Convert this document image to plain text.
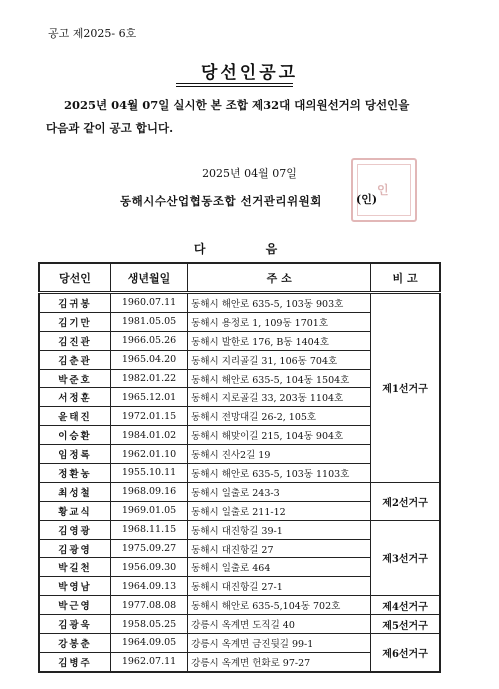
공고 제2025- 6호
당선인공고
2025년 04월 07일 실시한 본 조합 제32대 대의원선거의 당선인을
다음과 같이 공고 합니다.
2025년 04월 07일
인
동해시수산업협동조합 선거관리위원회	(인)
다 음
당선인	생년월일	주 소	비 고
김귀봉	1960.07.11	동해시 해안로 635-5, 103동 903호	제1선거구
김기만	1981.05.05	동해시 용정로 1, 109동 1701호	
김진관	1966.05.26	동해시 발한로 176, B동 1404호	
김춘관	1965.04.20	동해시 지리골길 31, 106동 704호	
박준호	1982.01.22	동해시 해안로 635-5, 104동 1504호	
서정훈	1965.12.01	동해시 지로골길 33, 203동 1104호	
윤태진	1972.01.15	동해시 전망대길 26-2, 105호	
이승환	1984.01.02	동해시 해맞이길 215, 104동 904호	
임정록	1962.01.10	동해시 진사2길 19	
정환농	1955.10.11	동해시 해안로 635-5, 103동 1103호	
최성철	1968.09.16	동해시 일출로 243-3	제2선거구
황교식	1969.01.05	동해시 일출로 211-12	
김영광	1968.11.15	동해시 대진항길 39-1	제3선거구
김광영	1975.09.27	동해시 대진항길 27	
박길천	1956.09.30	동해시 일출로 464	
박영남	1964.09.13	동해시 대진항길 27-1	
박근영	1977.08.08	동해시 해안로 635-5,104동 702호	제4선거구
김광욱	1958.05.25	강릉시 옥계면 도직길 40	제5선거구
강봉춘	1964.09.05	강릉시 옥계면 금진뒷길 99-1	제6선거구
김병주	1962.07.11	강릉시 옥계면 헌화로 97-27	
